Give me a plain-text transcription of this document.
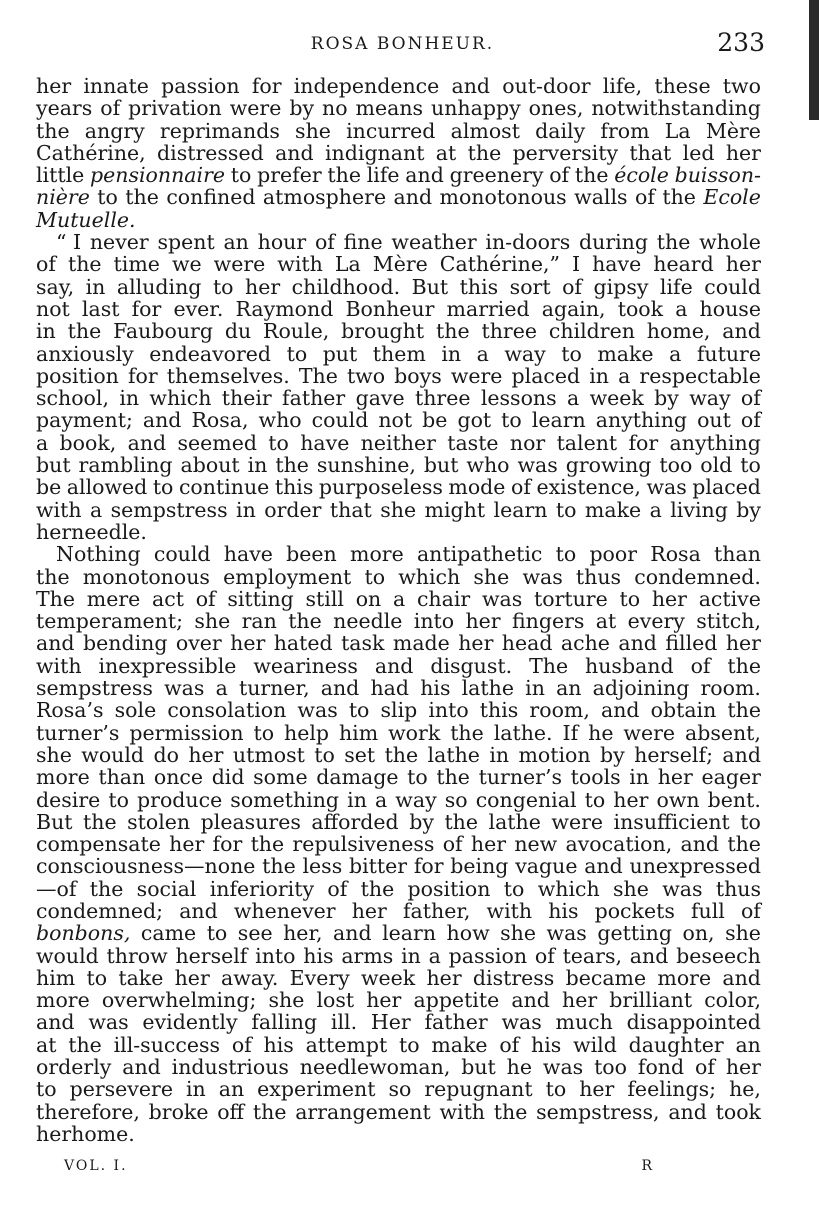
ROSA BONHEUR.	233
her innate passion for independence and out-door life, these two
years of privation were by no means unhappy ones, notwithstanding
the angry reprimands she incurred almost daily from La Mère
Cathérine, distressed and indignant at the perversity that led her
little pensionnaire to prefer the life and greenery of the école buisson-
nière to the confined atmosphere and monotonous walls of the Ecole
Mutuelle.
“ I never spent an hour of fine weather in-doors during the whole
of the time we were with La Mère Cathérine,” I have heard her
say, in alluding to her childhood. But this sort of gipsy life could
not last for ever. Raymond Bonheur married again, took a house
in the Faubourg du Roule, brought the three children home, and
anxiously endeavored to put them in a way to make a future
position for themselves. The two boys were placed in a respectable
school, in which their father gave three lessons a week by way of
payment; and Rosa, who could not be got to learn anything out of
a book, and seemed to have neither taste nor talent for anything
but rambling about in the sunshine, but who was growing too old to
be allowed to continue this purposeless mode of existence, was placed
with a sempstress in order that she might learn to make a living by
her needle.
Nothing could have been more antipathetic to poor Rosa than
the monotonous employment to which she was thus condemned.
The mere act of sitting still on a chair was torture to her active
temperament; she ran the needle into her fingers at every stitch,
and bending over her hated task made her head ache and filled her
with inexpressible weariness and disgust. The husband of the
sempstress was a turner, and had his lathe in an adjoining room.
Rosa’s sole consolation was to slip into this room, and obtain the
turner’s permission to help him work the lathe. If he were absent,
she would do her utmost to set the lathe in motion by herself; and
more than once did some damage to the turner’s tools in her eager
desire to produce something in a way so congenial to her own bent.
But the stolen pleasures afforded by the lathe were insufficient to
compensate her for the repulsiveness of her new avocation, and the
consciousness—none the less bitter for being vague and unexpressed
—of the social inferiority of the position to which she was thus
condemned; and whenever her father, with his pockets full of
bonbons, came to see her, and learn how she was getting on, she
would throw herself into his arms in a passion of tears, and beseech
him to take her away. Every week her distress became more and
more overwhelming; she lost her appetite and her brilliant color,
and was evidently falling ill. Her father was much disappointed
at the ill-success of his attempt to make of his wild daughter an
orderly and industrious needlewoman, but he was too fond of her
to persevere in an experiment so repugnant to her feelings; he,
therefore, broke off the arrangement with the sempstress, and took
her home.
VOL. I.	R
